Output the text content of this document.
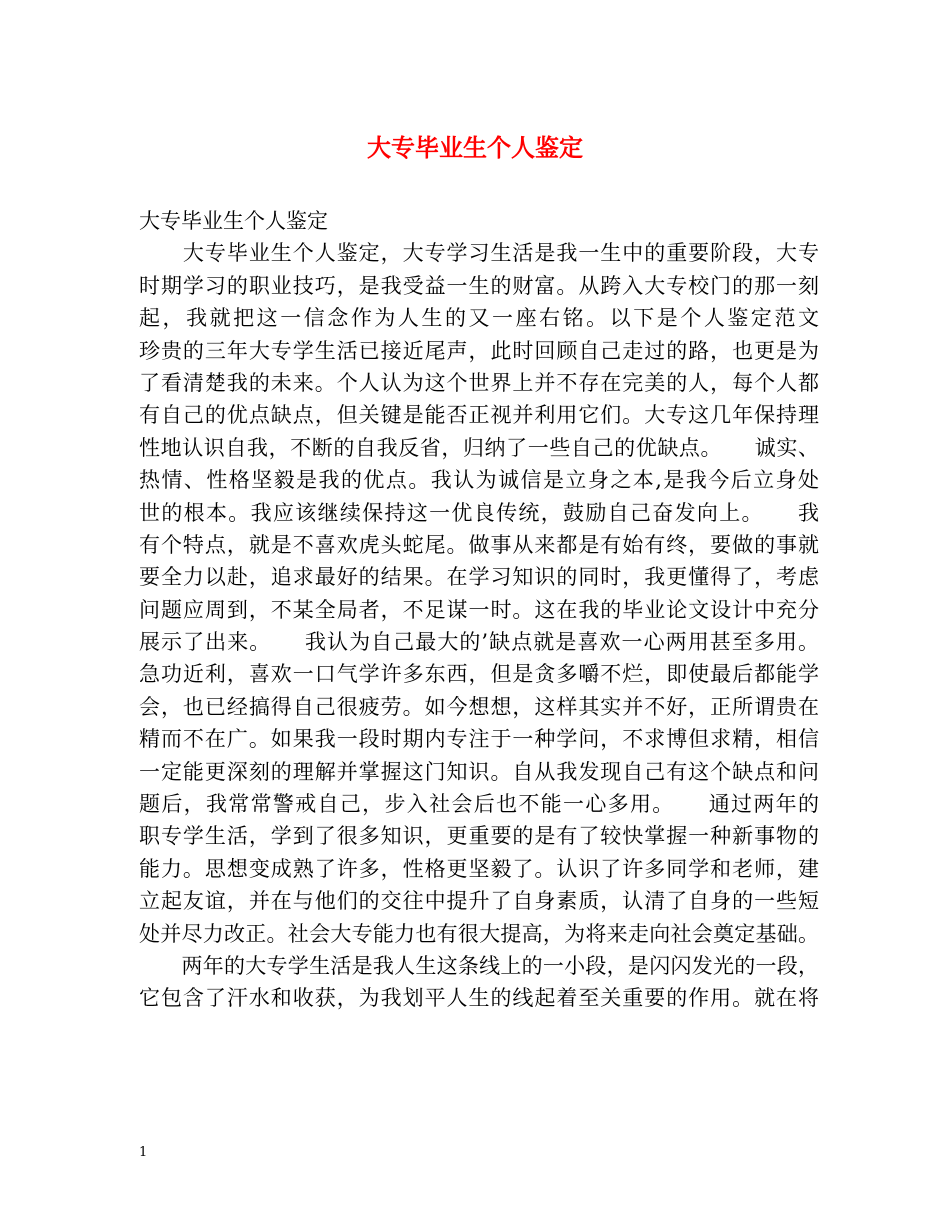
大专毕业生个人鉴定
大专毕业生个人鉴定
　　大专毕业生个人鉴定，大专学习生活是我一生中的重要阶段，大专
时期学习的职业技巧，是我受益一生的财富。从跨入大专校门的那一刻
起，我就把这一信念作为人生的又一座右铭。以下是个人鉴定范文
珍贵的三年大专学生活已接近尾声，此时回顾自己走过的路，也更是为
了看清楚我的未来。个人认为这个世界上并不存在完美的人，每个人都
有自己的优点缺点，但关键是能否正视并利用它们。大专这几年保持理
性地认识自我，不断的自我反省，归纳了一些自己的优缺点。　　诚实、
热情、性格坚毅是我的优点。我认为诚信是立身之本,是我今后立身处
世的根本。我应该继续保持这一优良传统，鼓励自己奋发向上。　　我
有个特点，就是不喜欢虎头蛇尾。做事从来都是有始有终，要做的事就
要全力以赴，追求最好的结果。在学习知识的同时，我更懂得了，考虑
问题应周到，不某全局者，不足谋一时。这在我的毕业论文设计中充分
展示了出来。　　我认为自己最大的’缺点就是喜欢一心两用甚至多用。
急功近利，喜欢一口气学许多东西，但是贪多嚼不烂，即使最后都能学
会，也已经搞得自己很疲劳。如今想想，这样其实并不好，正所谓贵在
精而不在广。如果我一段时期内专注于一种学问，不求博但求精，相信
一定能更深刻的理解并掌握这门知识。自从我发现自己有这个缺点和问
题后，我常常警戒自己，步入社会后也不能一心多用。　　通过两年的
职专学生活，学到了很多知识，更重要的是有了较快掌握一种新事物的
能力。思想变成熟了许多，性格更坚毅了。认识了许多同学和老师，建
立起友谊，并在与他们的交往中提升了自身素质，认清了自身的一些短
处并尽力改正。社会大专能力也有很大提高，为将来走向社会奠定基础。
　　两年的大专学生活是我人生这条线上的一小段，是闪闪发光的一段，
它包含了汗水和收获，为我划平人生的线起着至关重要的作用。就在将
1
